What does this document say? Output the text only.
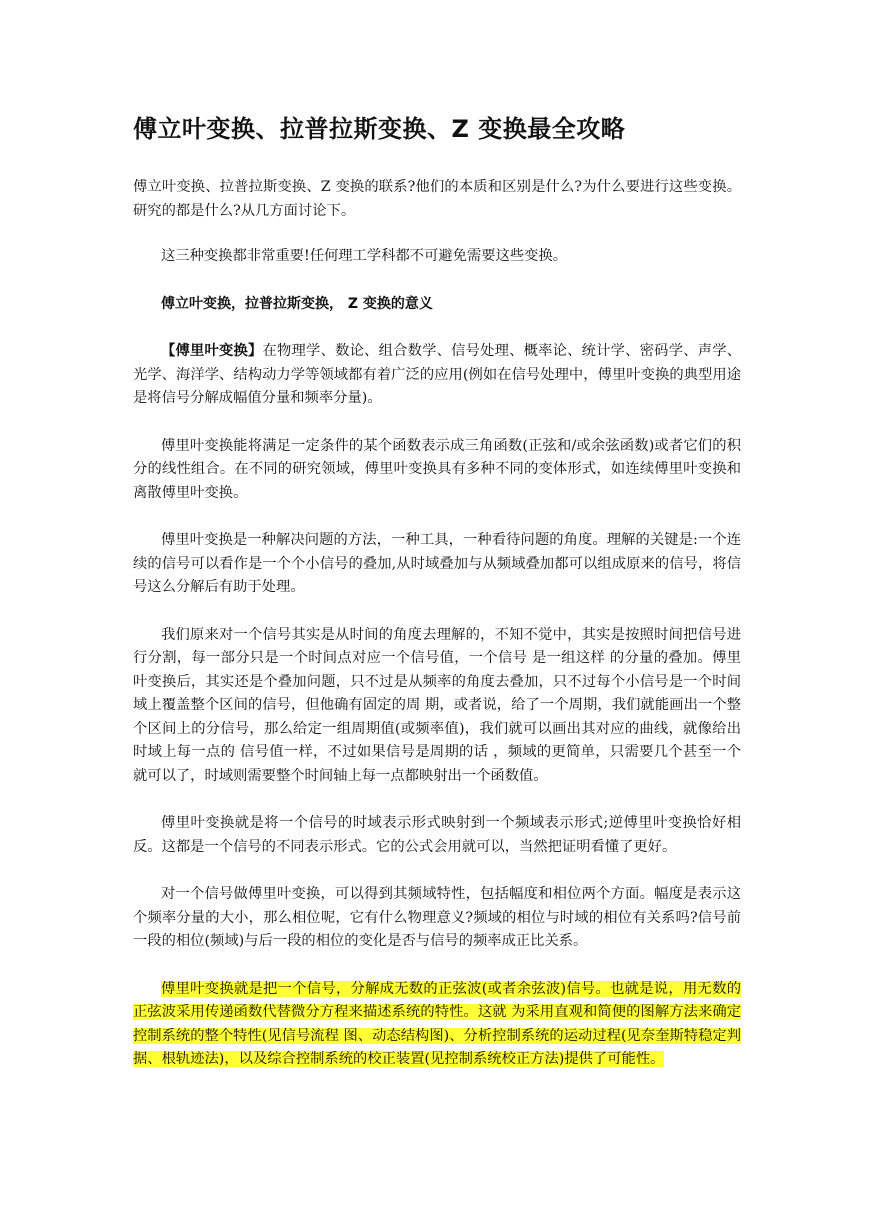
傅立叶变换、拉普拉斯变换、Z 变换最全攻略

傅立叶变换、拉普拉斯变换、Z 变换的联系?他们的本质和区别是什么?为什么要进行这些变换。研究的都是什么?从几方面讨论下。

这三种变换都非常重要!任何理工学科都不可避免需要这些变换。

傅立叶变换，拉普拉斯变换， Z 变换的意义

【傅里叶变换】在物理学、数论、组合数学、信号处理、概率论、统计学、密码学、声学、光学、海洋学、结构动力学等领域都有着广泛的应用(例如在信号处理中，傅里叶变换的典型用途是将信号分解成幅值分量和频率分量)。

傅里叶变换能将满足一定条件的某个函数表示成三角函数(正弦和/或余弦函数)或者它们的积分的线性组合。在不同的研究领域，傅里叶变换具有多种不同的变体形式，如连续傅里叶变换和离散傅里叶变换。

傅里叶变换是一种解决问题的方法，一种工具，一种看待问题的角度。理解的关键是:一个连续的信号可以看作是一个个小信号的叠加,从时域叠加与从频域叠加都可以组成原来的信号，将信号这么分解后有助于处理。

我们原来对一个信号其实是从时间的角度去理解的，不知不觉中，其实是按照时间把信号进行分割，每一部分只是一个时间点对应一个信号值，一个信号 是一组这样 的分量的叠加。傅里叶变换后，其实还是个叠加问题，只不过是从频率的角度去叠加，只不过每个小信号是一个时间域上覆盖整个区间的信号，但他确有固定的周 期，或者说，给了一个周期，我们就能画出一个整个区间上的分信号，那么给定一组周期值(或频率值)，我们就可以画出其对应的曲线，就像给出时域上每一点的 信号值一样，不过如果信号是周期的话 ，频域的更简单，只需要几个甚至一个就可以了，时域则需要整个时间轴上每一点都映射出一个函数值。

傅里叶变换就是将一个信号的时域表示形式映射到一个频域表示形式;逆傅里叶变换恰好相反。这都是一个信号的不同表示形式。它的公式会用就可以，当然把证明看懂了更好。

对一个信号做傅里叶变换，可以得到其频域特性，包括幅度和相位两个方面。幅度是表示这个频率分量的大小，那么相位呢，它有什么物理意义?频域的相位与时域的相位有关系吗?信号前一段的相位(频域)与后一段的相位的变化是否与信号的频率成正比关系。

傅里叶变换就是把一个信号，分解成无数的正弦波(或者余弦波)信号。也就是说，用无数的正弦波采用传递函数代替微分方程来描述系统的特性。这就 为采用直观和简便的图解方法来确定控制系统的整个特性(见信号流程 图、动态结构图)、分析控制系统的运动过程(见奈奎斯特稳定判据、根轨迹法)，以及综合控制系统的校正装置(见控制系统校正方法)提供了可能性。
